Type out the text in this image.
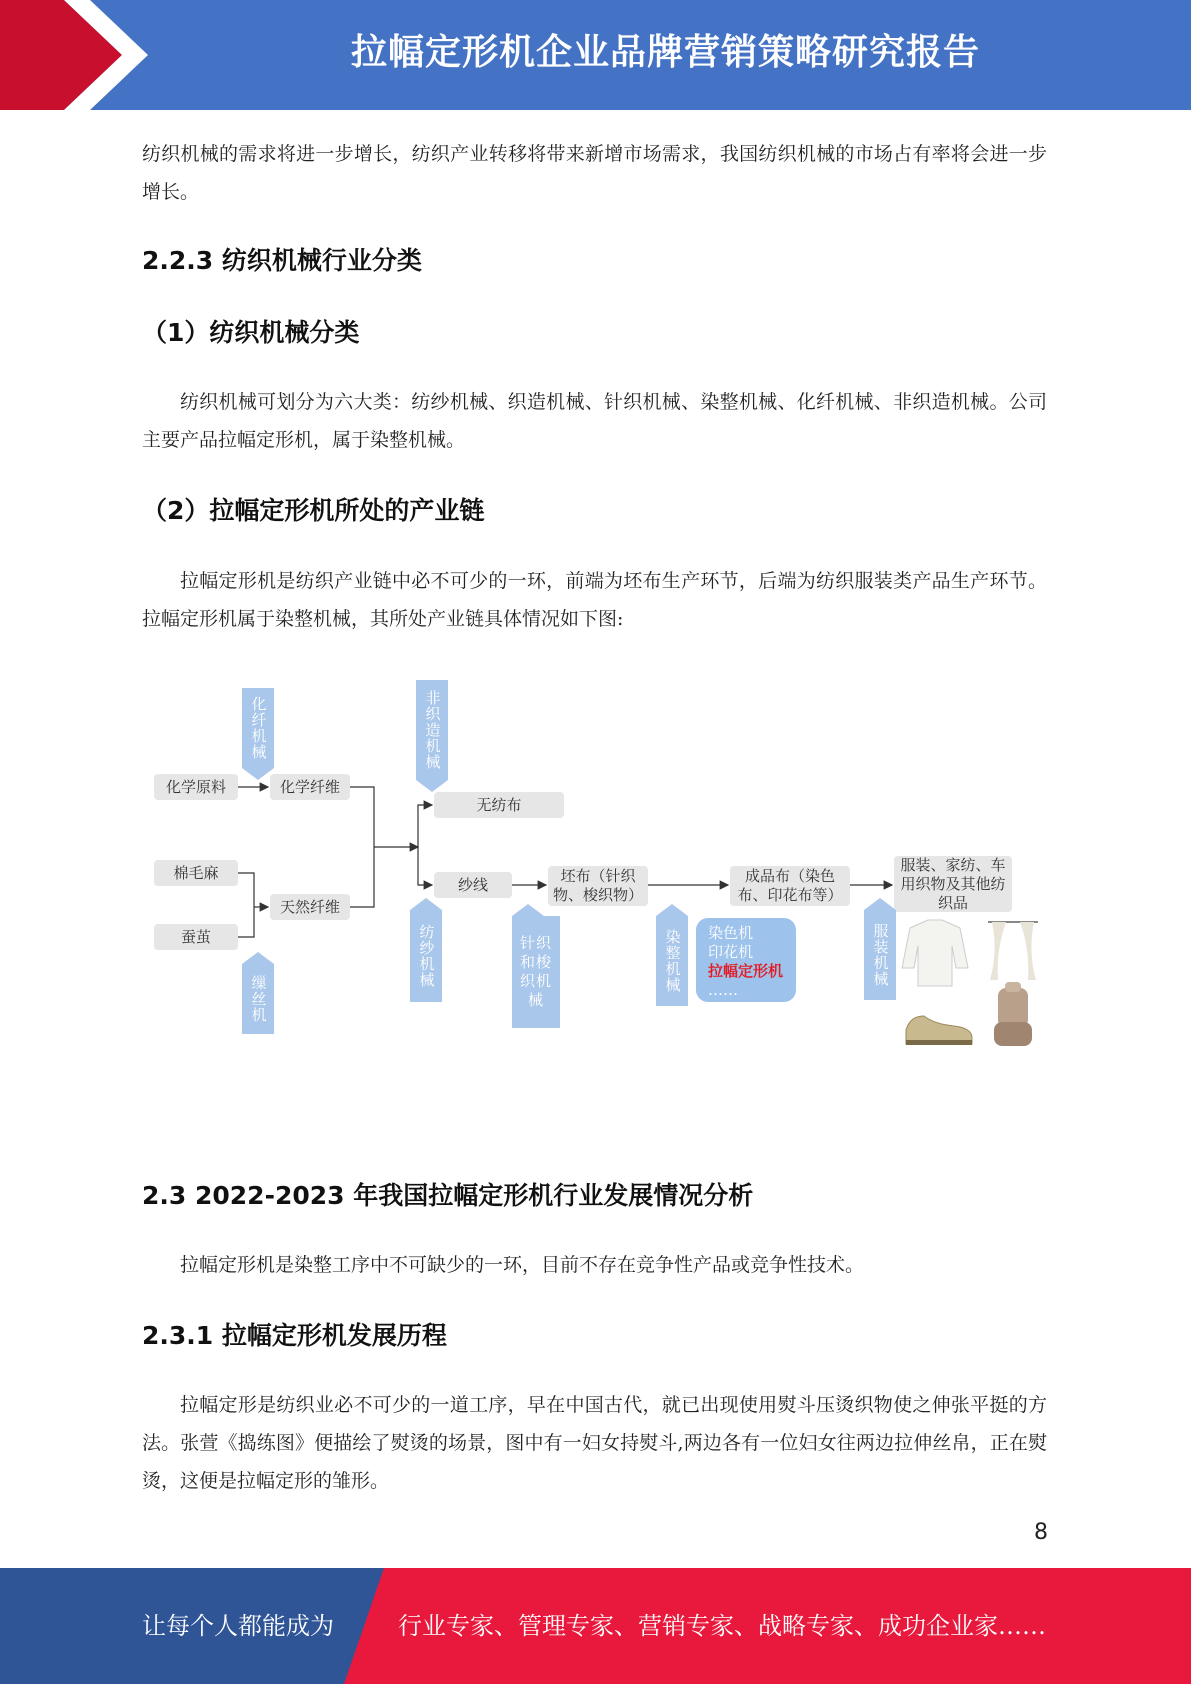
拉幅定形机企业品牌营销策略研究报告

纺织机械的需求将进一步增长，纺织产业转移将带来新增市场需求，我国纺织机械的市场占有率将会进一步增长。

2.2.3 纺织机械行业分类
（1）纺织机械分类

纺织机械可划分为六大类：纺纱机械、织造机械、针织机械、染整机械、化纤机械、非织造机械。公司主要产品拉幅定形机，属于染整机械。

（2）拉幅定形机所处的产业链

拉幅定形机是纺织产业链中必不可少的一环，前端为坯布生产环节，后端为纺织服装类产品生产环节。拉幅定形机属于染整机械，其所处产业链具体情况如下图:

化学原料	化学纤维
棉毛麻
蚕茧
天然纤维
无纺布
纱线	坯布（针织物、梭织物）
成品布（染色布、印花布等）
服装、家纺、车用织物及其他纺织品
化纤机械
缫丝机
非织造机械
纺纱机械	针织和梭织机械
染整机械	服装机械
染色机
印花机
拉幅定形机
……
2.3 2022-2023 年我国拉幅定形机行业发展情况分析

拉幅定形机是染整工序中不可缺少的一环，目前不存在竞争性产品或竞争性技术。

2.3.1 拉幅定形机发展历程

拉幅定形是纺织业必不可少的一道工序，早在中国古代，就已出现使用熨斗压烫织物使之伸张平挺的方法。张萱《捣练图》便描绘了熨烫的场景，图中有一妇女持熨斗,两边各有一位妇女往两边拉伸丝帛，正在熨烫，这便是拉幅定形的雏形。

8
让每个人都能成为	行业专家、管理专家、营销专家、战略专家、成功企业家……
